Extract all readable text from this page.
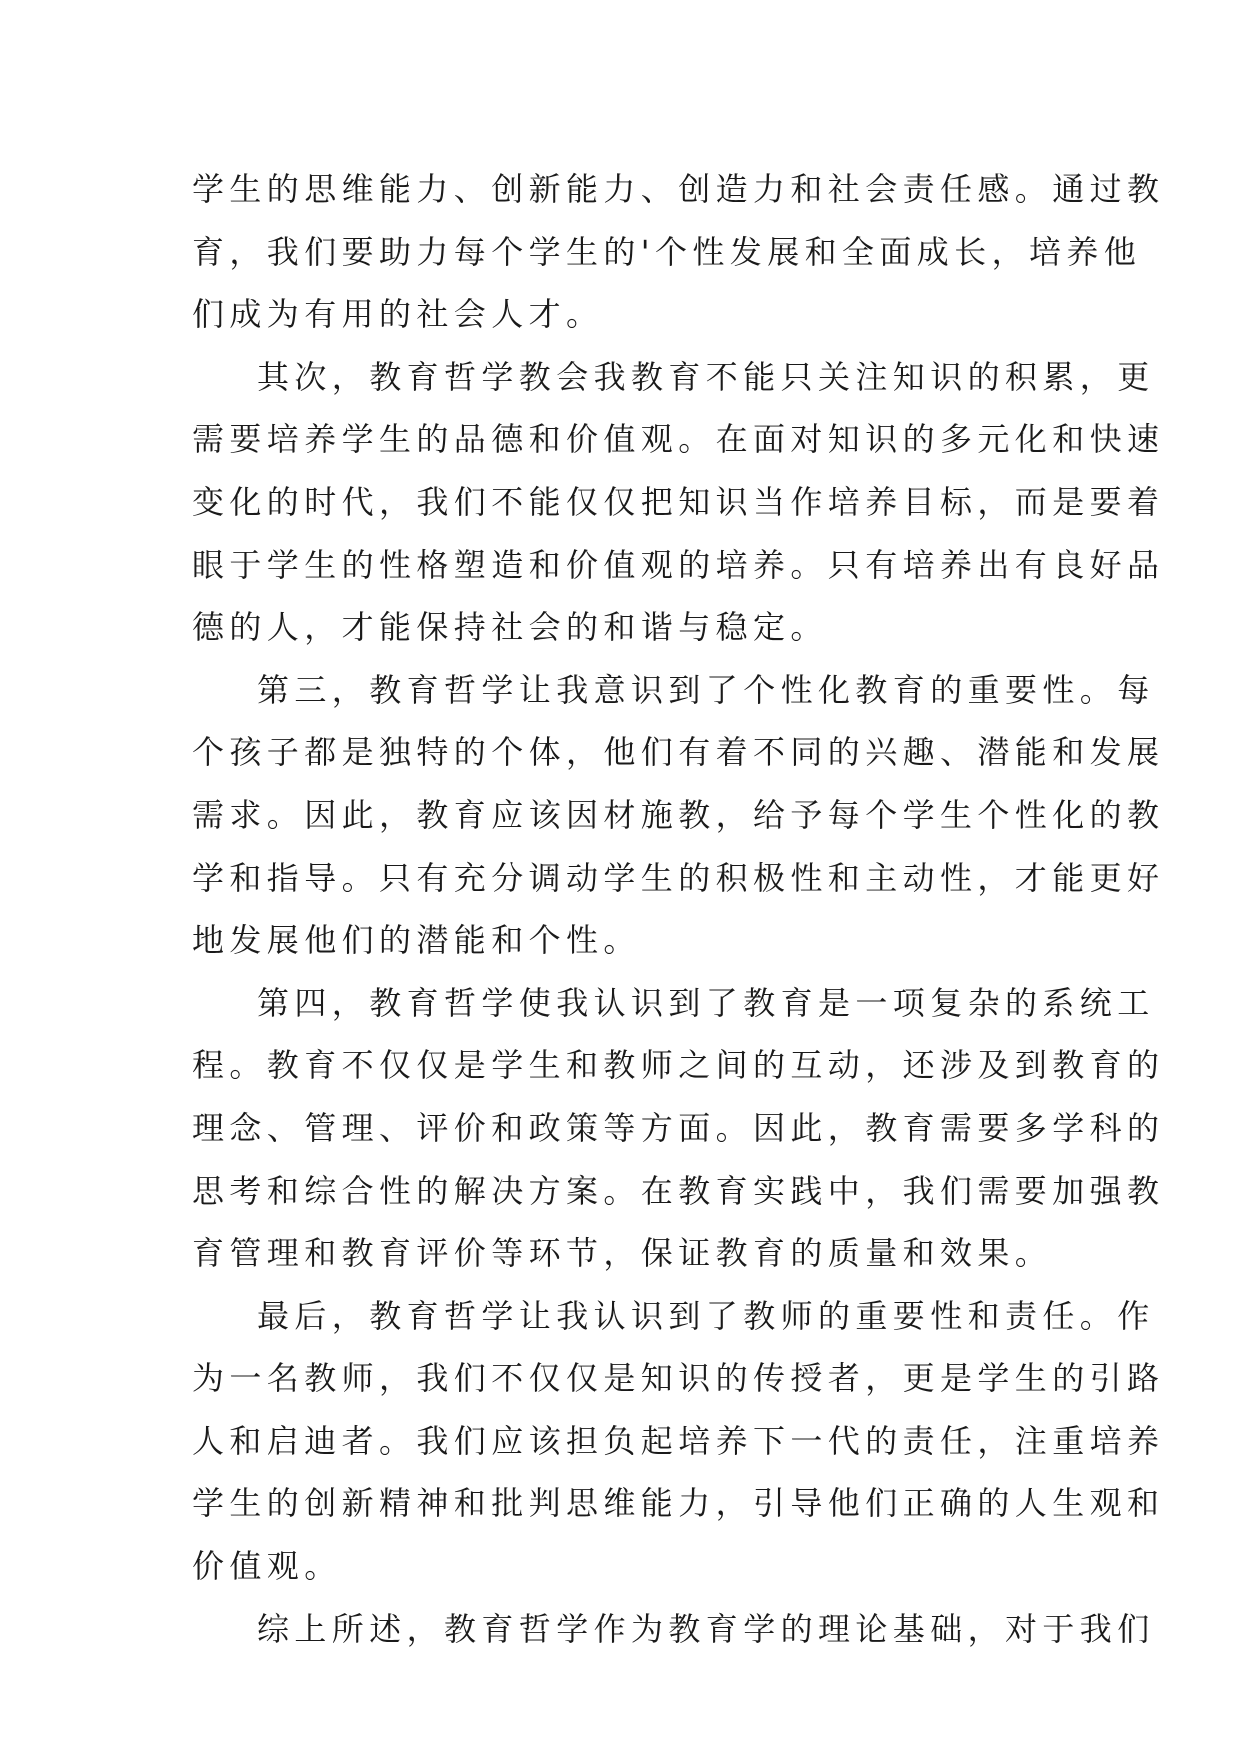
学生的思维能力、创新能力、创造力和社会责任感。通过教
育，我们要助力每个学生的'个性发展和全面成长，培养他
们成为有用的社会人才。
其次，教育哲学教会我教育不能只关注知识的积累，更
需要培养学生的品德和价值观。在面对知识的多元化和快速
变化的时代，我们不能仅仅把知识当作培养目标，而是要着
眼于学生的性格塑造和价值观的培养。只有培养出有良好品
德的人，才能保持社会的和谐与稳定。
第三，教育哲学让我意识到了个性化教育的重要性。每
个孩子都是独特的个体，他们有着不同的兴趣、潜能和发展
需求。因此，教育应该因材施教，给予每个学生个性化的教
学和指导。只有充分调动学生的积极性和主动性，才能更好
地发展他们的潜能和个性。
第四，教育哲学使我认识到了教育是一项复杂的系统工
程。教育不仅仅是学生和教师之间的互动，还涉及到教育的
理念、管理、评价和政策等方面。因此，教育需要多学科的
思考和综合性的解决方案。在教育实践中，我们需要加强教
育管理和教育评价等环节，保证教育的质量和效果。
最后，教育哲学让我认识到了教师的重要性和责任。作
为一名教师，我们不仅仅是知识的传授者，更是学生的引路
人和启迪者。我们应该担负起培养下一代的责任，注重培养
学生的创新精神和批判思维能力，引导他们正确的人生观和
价值观。
综上所述，教育哲学作为教育学的理论基础，对于我们
